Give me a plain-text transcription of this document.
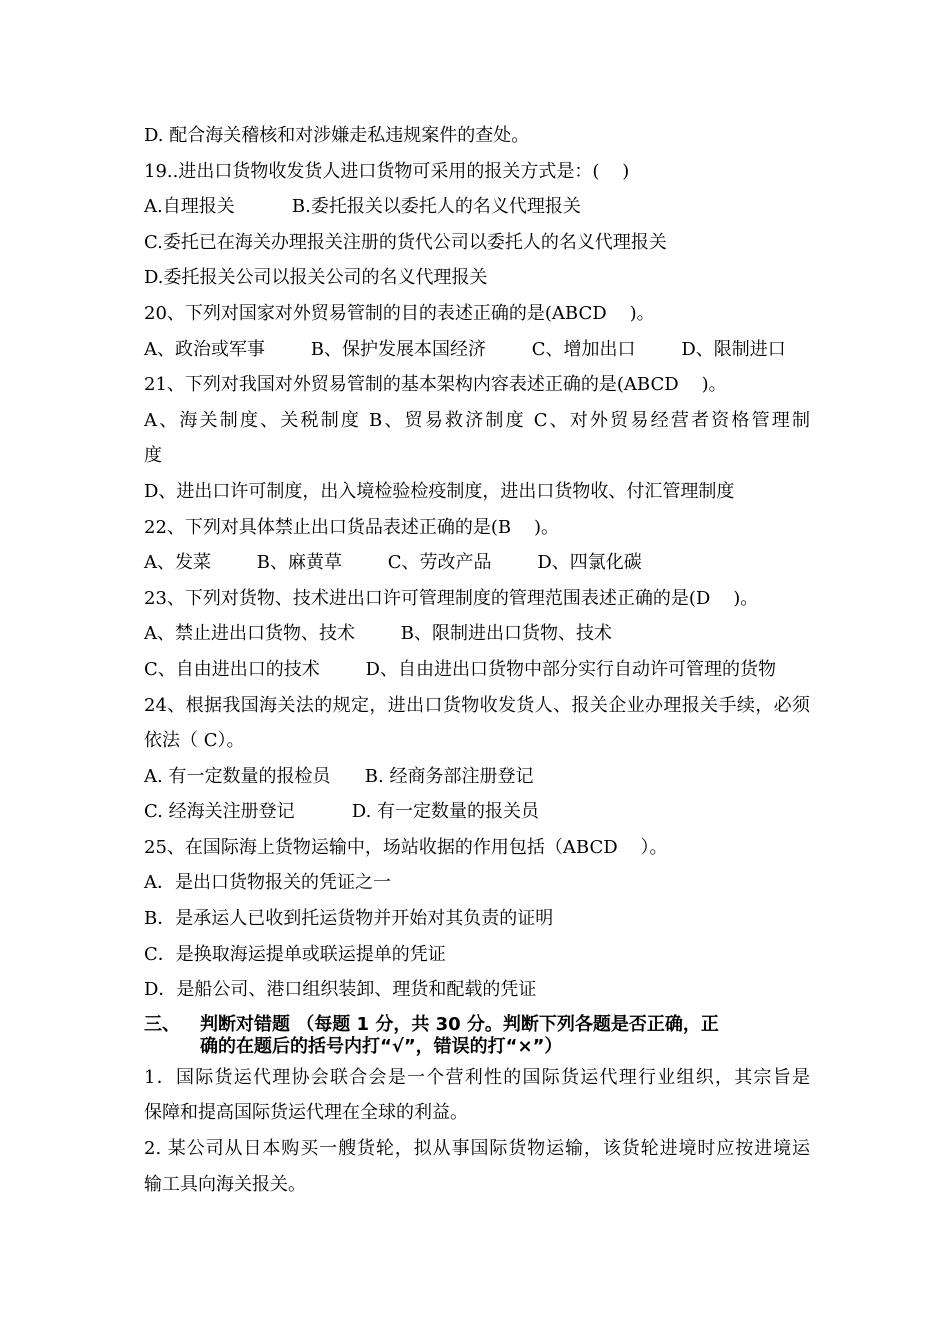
D. 配合海关稽核和对涉嫌走私违规案件的查处。
19..进出口货物收发货人进口货物可采用的报关方式是：(    )
A.自理报关          B.委托报关以委托人的名义代理报关
C.委托已在海关办理报关注册的货代公司以委托人的名义代理报关
D.委托报关公司以报关公司的名义代理报关
20、下列对国家对外贸易管制的目的表述正确的是(ABCD    )。
A、政治或军事        B、保护发展本国经济        C、增加出口        D、限制进口
21、下列对我国对外贸易管制的基本架构内容表述正确的是(ABCD    )。
A、海关制度、关税制度 B、贸易救济制度 C、对外贸易经营者资格管理制
度
D、进出口许可制度，出入境检验检疫制度，进出口货物收、付汇管理制度
22、下列对具体禁止出口货品表述正确的是(B    )。
A、发菜        B、麻黄草        C、劳改产品        D、四氯化碳
23、下列对货物、技术进出口许可管理制度的管理范围表述正确的是(D    )。
A、禁止进出口货物、技术        B、限制进出口货物、技术
C、自由进出口的技术        D、自由进出口货物中部分实行自动许可管理的货物
24、根据我国海关法的规定，进出口货物收发货人、报关企业办理报关手续，必须
依法（ C）。
A. 有一定数量的报检员      B. 经商务部注册登记
C. 经海关注册登记          D. 有一定数量的报关员
25、在国际海上货物运输中，场站收据的作用包括（ABCD    ）。
A．是出口货物报关的凭证之一
B．是承运人已收到托运货物并开始对其负责的证明
C．是换取海运提单或联运提单的凭证
D．是船公司、港口组织装卸、理货和配载的凭证
三、	判断对错题 （每题 1 分，共 30 分。判断下列各题是否正确，正
确的在题后的括号内打“√”，错误的打“×”）
1．国际货运代理协会联合会是一个营利性的国际货运代理行业组织，其宗旨是
保障和提高国际货运代理在全球的利益。
2. 某公司从日本购买一艘货轮，拟从事国际货物运输，该货轮进境时应按进境运
输工具向海关报关。
